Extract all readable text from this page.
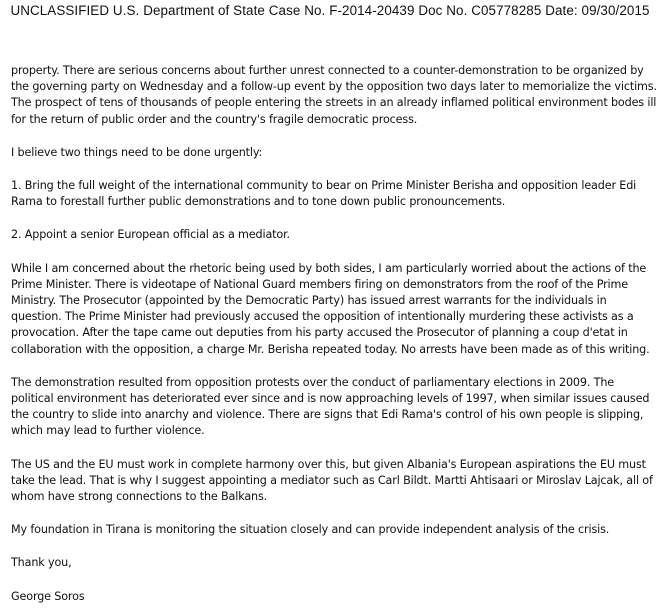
UNCLASSIFIED U.S. Department of State Case No. F-2014-20439 Doc No. C05778285 Date: 09/30/2015

property. There are serious concerns about further unrest connected to a counter-demonstration to be organized by the governing party on Wednesday and a follow-up event by the opposition two days later to memorialize the victims. The prospect of tens of thousands of people entering the streets in an already inflamed political environment bodes ill for the return of public order and the country's fragile democratic process.

I believe two things need to be done urgently:

1. Bring the full weight of the international community to bear on Prime Minister Berisha and opposition leader Edi Rama to forestall further public demonstrations and to tone down public pronouncements.

2. Appoint a senior European official as a mediator.

While I am concerned about the rhetoric being used by both sides, I am particularly worried about the actions of the Prime Minister. There is videotape of National Guard members firing on demonstrators from the roof of the Prime Ministry. The Prosecutor (appointed by the Democratic Party) has issued arrest warrants for the individuals in question. The Prime Minister had previously accused the opposition of intentionally murdering these activists as a provocation. After the tape came out deputies from his party accused the Prosecutor of planning a coup d'etat in collaboration with the opposition, a charge Mr. Berisha repeated today. No arrests have been made as of this writing.

The demonstration resulted from opposition protests over the conduct of parliamentary elections in 2009. The political environment has deteriorated ever since and is now approaching levels of 1997, when similar issues caused the country to slide into anarchy and violence. There are signs that Edi Rama's control of his own people is slipping, which may lead to further violence.

The US and the EU must work in complete harmony over this, but given Albania's European aspirations the EU must take the lead. That is why I suggest appointing a mediator such as Carl Bildt. Martti Ahtisaari or Miroslav Lajcak, all of whom have strong connections to the Balkans.

My foundation in Tirana is monitoring the situation closely and can provide independent analysis of the crisis.

Thank you,

George Soros
